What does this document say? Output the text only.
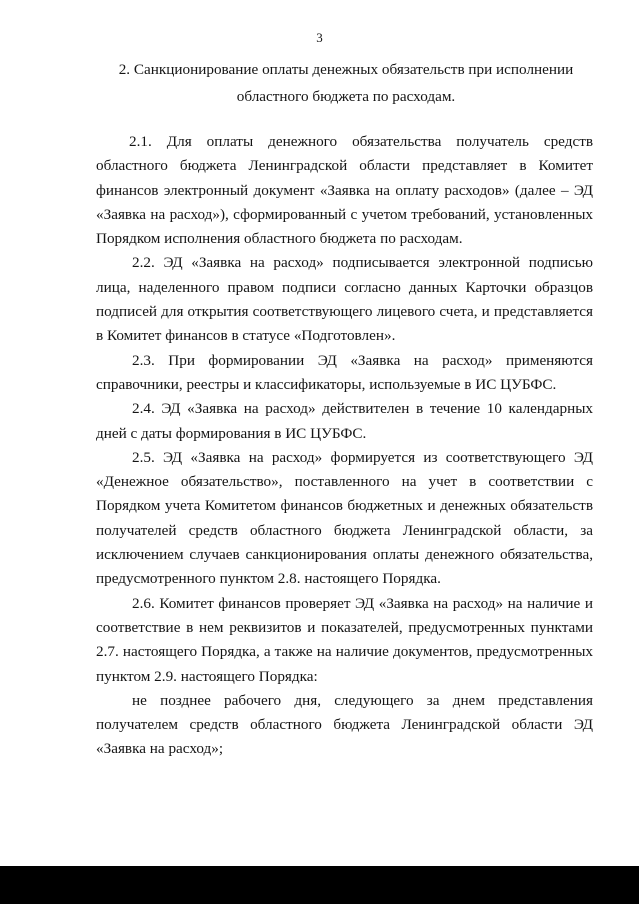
3
2. Санкционирование оплаты денежных обязательств при исполнении
областного бюджета по расходам.

2.1. Для оплаты денежного обязательства получатель средств областного бюджета Ленинградской области представляет в Комитет финансов электронный документ «Заявка на оплату расходов» (далее – ЭД «Заявка на расход»), сформированный с учетом требований, установленных Порядком исполнения областного бюджета по расходам.

2.2. ЭД «Заявка на расход» подписывается электронной подписью лица, наделенного правом подписи согласно данных Карточки образцов подписей для открытия соответствующего лицевого счета, и представляется в Комитет финансов в статусе «Подготовлен».

2.3. При формировании ЭД «Заявка на расход» применяются справочники, реестры и классификаторы, используемые в ИС ЦУБФС.

2.4. ЭД «Заявка на расход» действителен в течение 10 календарных дней с даты формирования в ИС ЦУБФС.

2.5. ЭД «Заявка на расход» формируется из соответствующего ЭД «Денежное обязательство», поставленного на учет в соответствии с Порядком учета Комитетом финансов бюджетных и денежных обязательств получателей средств областного бюджета Ленинградской области, за исключением случаев санкционирования оплаты денежного обязательства, предусмотренного пунктом 2.8. настоящего Порядка.

2.6. Комитет финансов проверяет ЭД «Заявка на расход» на наличие и соответствие в нем реквизитов и показателей, предусмотренных пунктами 2.7. настоящего Порядка, а также на наличие документов, предусмотренных пунктом 2.9. настоящего Порядка:

не позднее рабочего дня, следующего за днем представления получателем средств областного бюджета Ленинградской области ЭД «Заявка на расход»;
